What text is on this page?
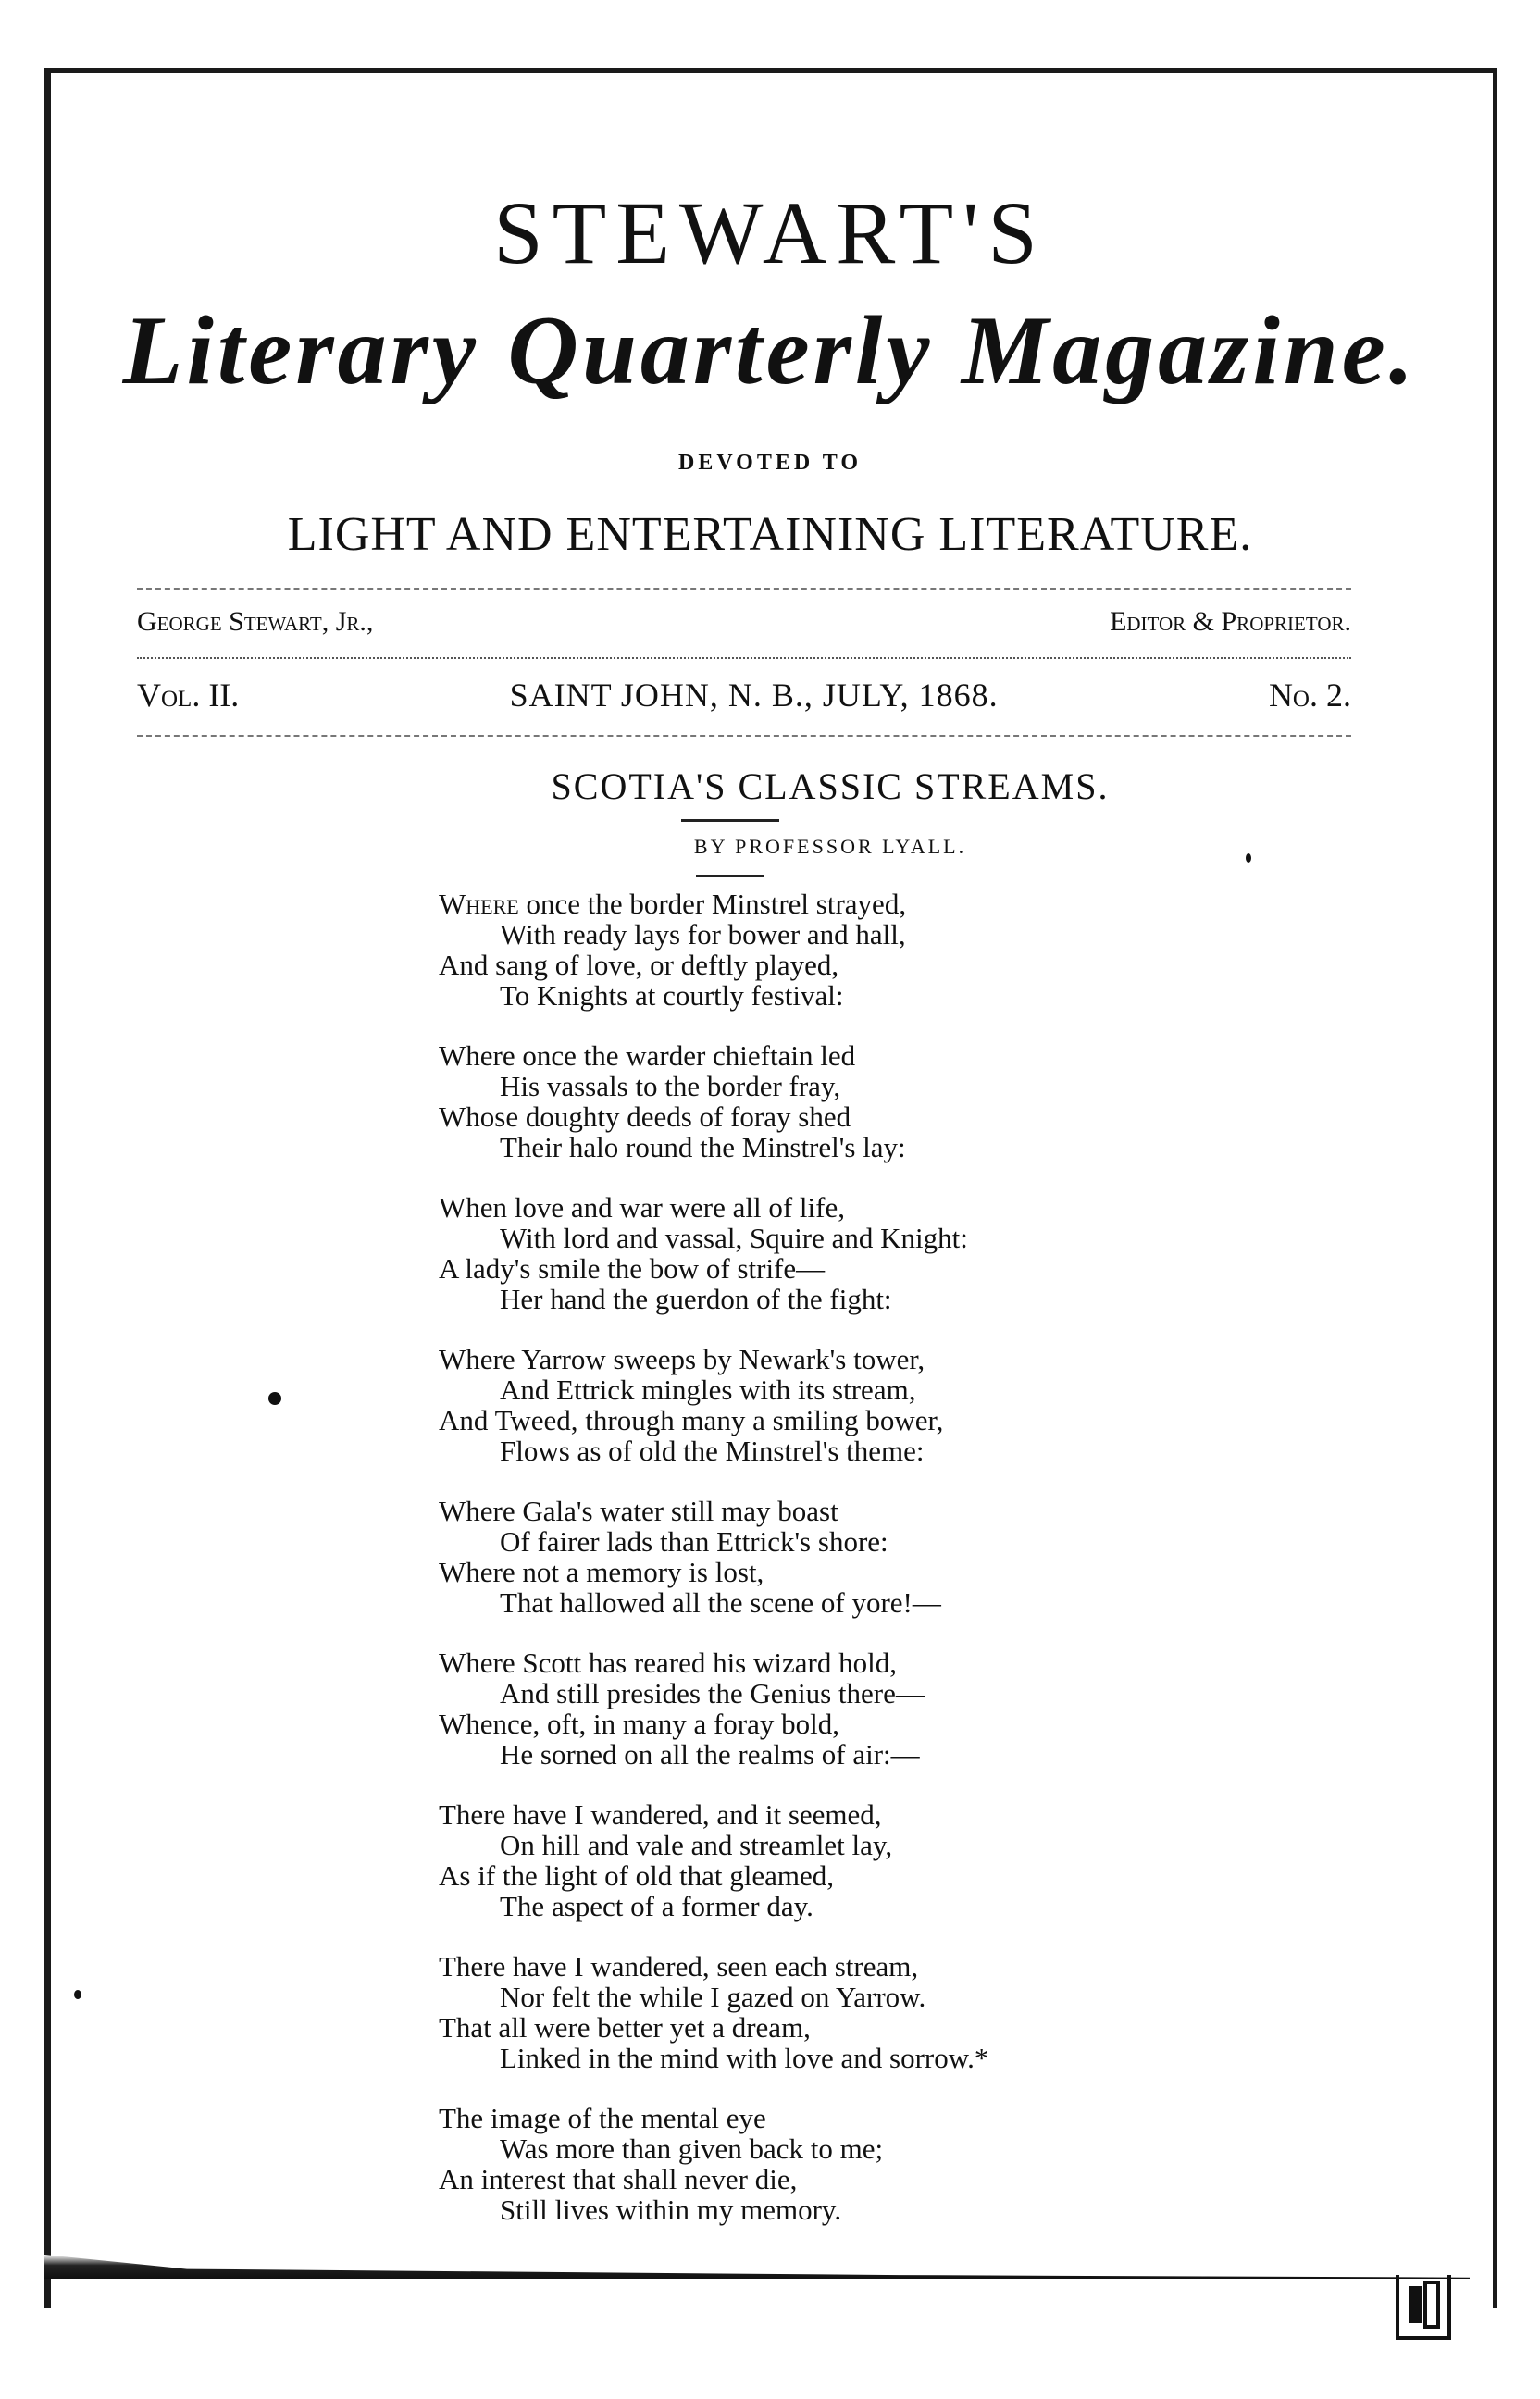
STEWART'S
Literary Quarterly Magazine.
DEVOTED TO
LIGHT AND ENTERTAINING LITERATURE.
George Stewart, Jr.,	Editor & Proprietor.
Vol. II.	SAINT JOHN, N. B., JULY, 1868.	No. 2.
SCOTIA'S CLASSIC STREAMS.
BY PROFESSOR LYALL.
Where once the border Minstrel strayed,
With ready lays for bower and hall,
And sang of love, or deftly played,
To Knights at courtly festival:
Where once the warder chieftain led
His vassals to the border fray,
Whose doughty deeds of foray shed
Their halo round the Minstrel's lay:
When love and war were all of life,
With lord and vassal, Squire and Knight:
A lady's smile the bow of strife—
Her hand the guerdon of the fight:
Where Yarrow sweeps by Newark's tower,
And Ettrick mingles with its stream,
And Tweed, through many a smiling bower,
Flows as of old the Minstrel's theme:
Where Gala's water still may boast
Of fairer lads than Ettrick's shore:
Where not a memory is lost,
That hallowed all the scene of yore!—
Where Scott has reared his wizard hold,
And still presides the Genius there—
Whence, oft, in many a foray bold,
He sorned on all the realms of air:—
There have I wandered, and it seemed,
On hill and vale and streamlet lay,
As if the light of old that gleamed,
The aspect of a former day.
There have I wandered, seen each stream,
Nor felt the while I gazed on Yarrow.
That all were better yet a dream,
Linked in the mind with love and sorrow.*
The image of the mental eye
Was more than given back to me;
An interest that shall never die,
Still lives within my memory.
